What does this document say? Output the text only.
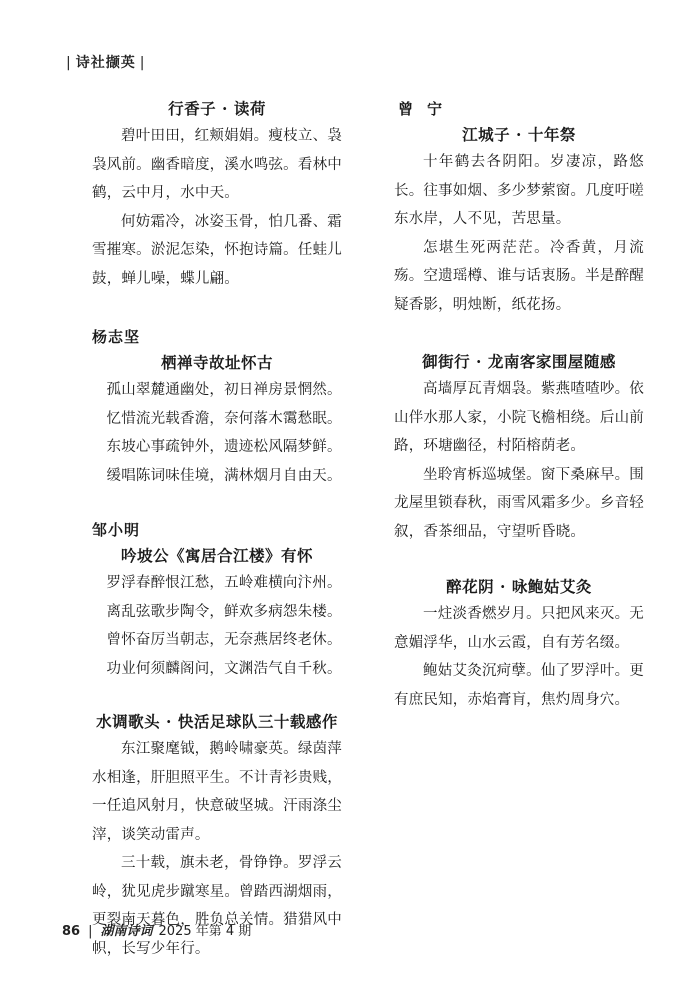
| 诗社撷英 |
行香子 · 读荷

碧叶田田，红颊娟娟。瘦枝立、袅袅风前。幽香暗度，溪水鸣弦。看林中鹤，云中月，水中天。

何妨霜冷，冰姿玉骨，怕几番、霜雪摧寒。淤泥怎染，怀抱诗篇。任蛙儿鼓，蝉儿噪，蝶儿翩。

杨志坚
栖禅寺故址怀古

孤山翠麓通幽处，初日禅房景惘然。

忆惜流光载香澹，奈何落木霭愁眠。

东坡心事疏钟外，遗迹松风隔梦鲜。

缓唱陈词味佳境，满林烟月自由天。

邹小明
吟坡公《寓居合江楼》有怀

罗浮春醉恨江愁，五岭难横向汴州。

离乱弦歌步陶令，鲜欢多病怨朱楼。

曾怀奋厉当朝志，无奈燕居终老休。

功业何须麟阁问，文渊浩气自千秋。

水调歌头 · 快活足球队三十载感作

东江聚麾钺，鹅岭啸豪英。绿茵萍水相逢，肝胆照平生。不计青衫贵贱，一任追风射月，快意破坚城。汗雨涤尘滓，谈笑动雷声。

三十载，旗未老，骨铮铮。罗浮云岭，犹见虎步蹴寒星。曾踏西湖烟雨，更裂南天暮色，胜负总关情。猎猎风中帜，长写少年行。

曾宁
江城子 · 十年祭

十年鹤去各阴阳。岁凄凉，路悠长。往事如烟、多少梦萦窗。几度吁嗟东水岸，人不见，苦思量。

怎堪生死两茫茫。冷香黄，月流殇。空遗瑶樽、谁与话衷肠。半是醉醒疑香影，明烛断，纸花扬。

御街行 · 龙南客家围屋随感

高墙厚瓦青烟袅。紫燕喳喳吵。依山伴水那人家，小院飞檐相绕。后山前路，环塘幽径，村陌榕荫老。

坐聆宵柝巡城堡。窗下桑麻早。围龙屋里锁春秋，雨雪风霜多少。乡音轻叙，香茶细品，守望听昏晓。

醉花阴 · 咏鲍姑艾灸

一炷淡香燃岁月。只把风来灭。无意媚浮华，山水云霞，自有芳名缀。

鲍姑艾灸沉疴孽。仙了罗浮叶。更有庶民知，赤焰膏肓，焦灼周身穴。

86 | 湖南诗词 2025 年第 4 期
